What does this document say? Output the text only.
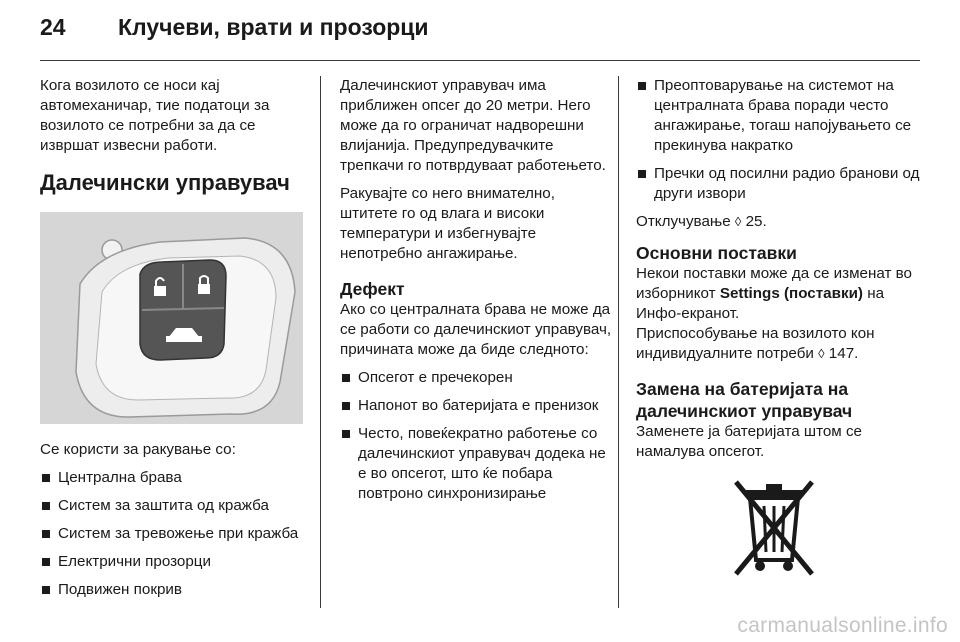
24 Клучеви, врати и прозорци

Кога возилото се носи кај автомеханичар, тие податоци за возилото се потребни за да се извршат извесни работи.

Далечински управувач

Се користи за ракување со:

Централна брава
Систем за заштита од кражба
Систем за тревожење при кражба
Електрични прозорци
Подвижен покрив

Далечинскиот управувач има приближен опсег до 20 метри. Него може да го ограничат надворешни влијанија. Предупредувачките трепкачи го потврдуваат работењето.

Ракувајте со него внимателно, штитете го од влага и високи температури и избегнувајте непотребно ангажирање.

Дефект

Ако со централната брава не може да се работи со далечинскиот управувач, причината може да биде следното:

Опсегот е пречекорен
Напонот во батеријата е пренизок
Често, повеќекратно работење со далечинскиот управувач додека не е во опсегот, што ќе побара повтроно синхронизирање
Преоптоварување на системот на централната брава поради често ангажирање, тогаш напојувањето се прекинува накратко
Пречки од посилни радио бранови од други извори

Отклучување ◊ 25.

Основни поставки

Некои поставки може да се изменат во изборникот Settings (поставки) на Инфо-екранот.

Приспособување на возилото кон индивидуалните потреби ◊ 147.

Замена на батеријата на далечинскиот управувач

Заменете ја батеријата штом се намалува опсегот.

carmanualsonline.info
